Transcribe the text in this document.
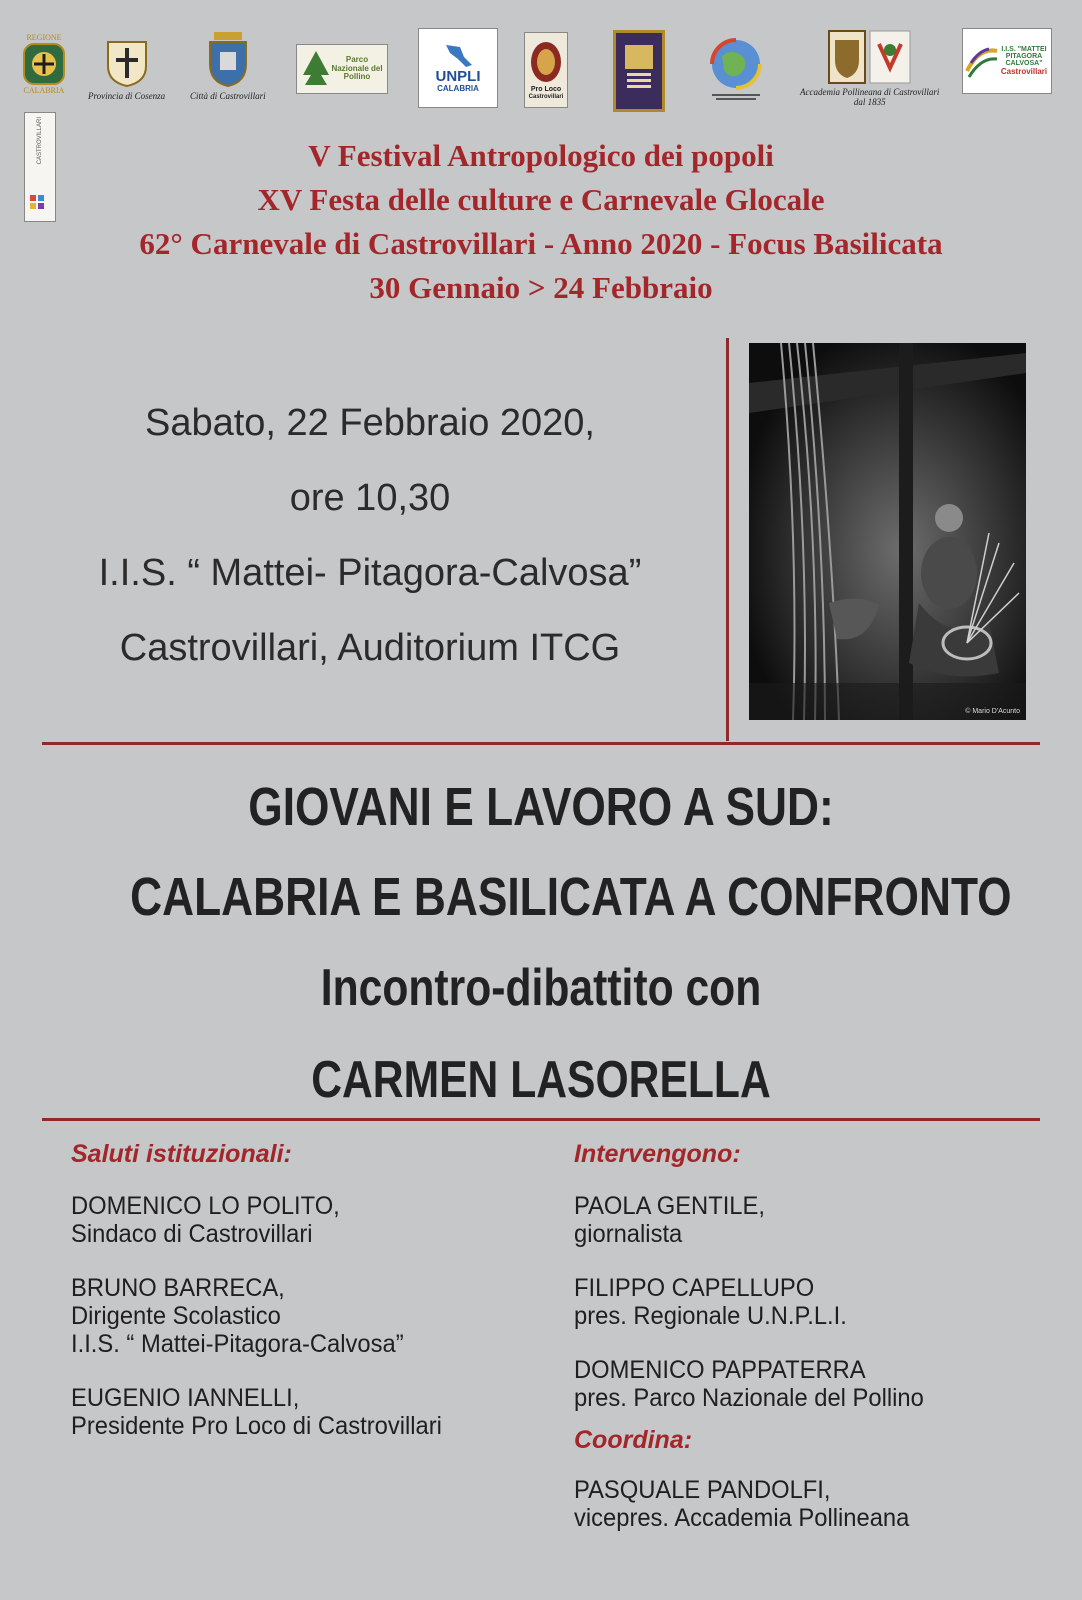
REGIONE
CALABRIA
Provincia di Cosenza	Città di Castrovillari
Parco Nazionale del Pollino	UNPLI
CALABRIA	Pro Loco
Castrovillari	Accademia Pollineana di Castrovillari
dal 1835
I.I.S. "MATTEI PITAGORA CALVOSA"
Castrovillari
CASTROVILLARI	V Festival Antropologico dei popoli
XV Festa delle culture e Carnevale Glocale
62° Carnevale di Castrovillari - Anno 2020 - Focus Basilicata
30 Gennaio > 24 Febbraio
Sabato, 22 Febbraio 2020,
ore 10,30
I.I.S. “ Mattei- Pitagora-Calvosa”
Castrovillari, Auditorium ITCG
© Mario D'Acunto
GIOVANI E LAVORO A SUD:
CALABRIA E BASILICATA A CONFRONTO
Incontro-dibattito con
CARMEN LASORELLA
Saluti istituzionali:
DOMENICO LO POLITO,
Sindaco di Castrovillari
BRUNO BARRECA,
Dirigente Scolastico
I.I.S. “ Mattei-Pitagora-Calvosa”
EUGENIO IANNELLI,
Presidente Pro Loco di Castrovillari
Intervengono:
PAOLA GENTILE,
giornalista
FILIPPO CAPELLUPO
pres. Regionale U.N.P.L.I.
DOMENICO PAPPATERRA
pres. Parco Nazionale del Pollino
Coordina:
PASQUALE PANDOLFI,
vicepres. Accademia Pollineana
